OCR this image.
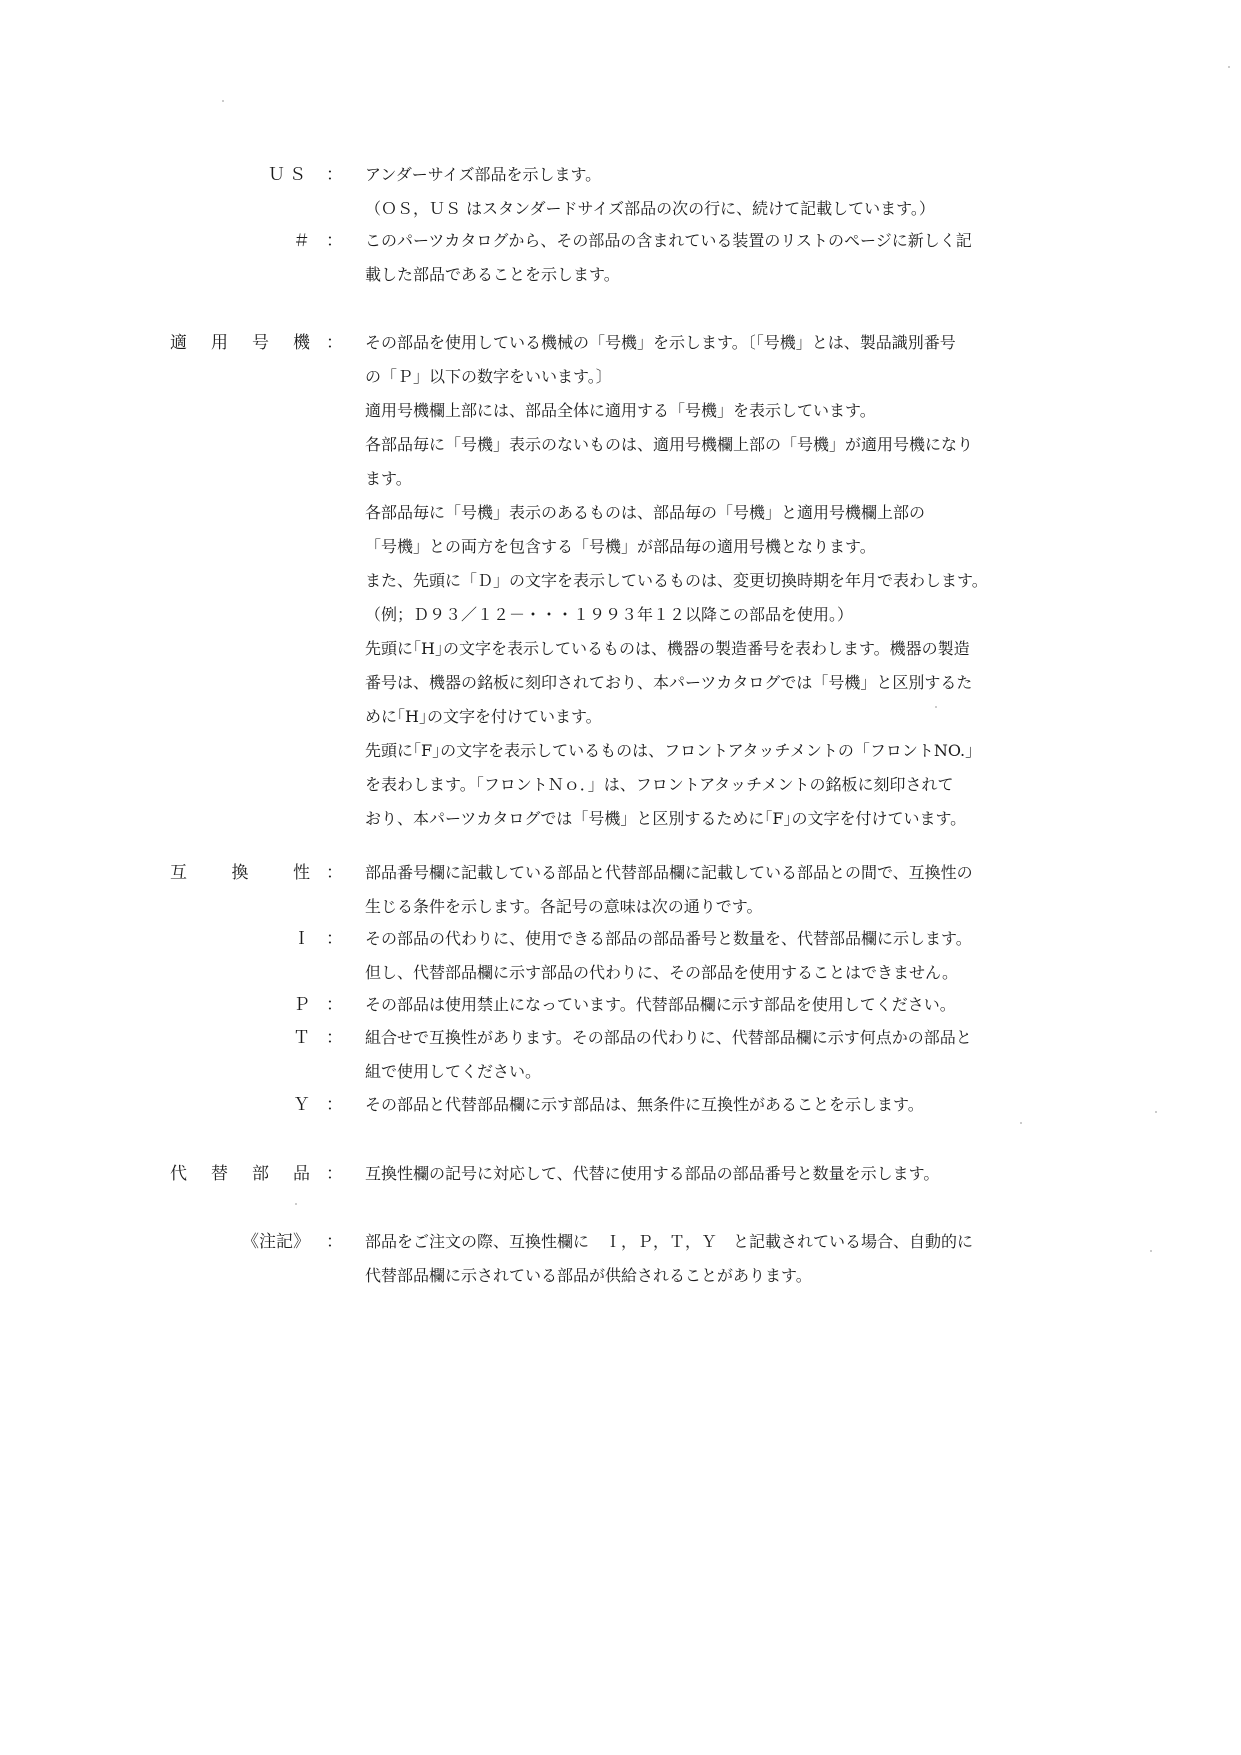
ＵＳ ： アンダーサイズ部品を示します。

（ＯＳ，ＵＳ はスタンダードサイズ部品の次の行に、続けて記載しています。）

＃ ： このパーツカタログから、その部品の含まれている装置のリストのページに新しく記

載した部品であることを示します。

適 用 号 機 ： その部品を使用している機械の「号機」を示します。〔「号機」とは、製品識別番号

の「Ｐ」以下の数字をいいます。〕

適用号機欄上部には、部品全体に適用する「号機」を表示しています。

各部品毎に「号機」表示のないものは、適用号機欄上部の「号機」が適用号機になり

ます。

各部品毎に「号機」表示のあるものは、部品毎の「号機」と適用号機欄上部の

「号機」との両方を包含する「号機」が部品毎の適用号機となります。

また、先頭に「Ｄ」の文字を表示しているものは、変更切換時期を年月で表わします。

（例；Ｄ９３／１２－・・・１９９３年１２以降この部品を使用。）

先頭に｢H｣の文字を表示しているものは、機器の製造番号を表わします。機器の製造

番号は、機器の銘板に刻印されており、本パーツカタログでは「号機」と区別するた

めに｢H｣の文字を付けています。

先頭に｢F｣の文字を表示しているものは、フロントアタッチメントの「フロントNO.」

を表わします。「フロントＮｏ．」は、フロントアタッチメントの銘板に刻印されて

おり、本パーツカタログでは「号機」と区別するために｢F｣の文字を付けています。

互	換	性 ： 部品番号欄に記載している部品と代替部品欄に記載している部品との間で、互換性の

生じる条件を示します。各記号の意味は次の通りです。

Ｉ ： その部品の代わりに、使用できる部品の部品番号と数量を、代替部品欄に示します。

但し、代替部品欄に示す部品の代わりに、その部品を使用することはできません。

Ｐ ： その部品は使用禁止になっています。代替部品欄に示す部品を使用してください。

Ｔ ： 組合せで互換性があります。その部品の代わりに、代替部品欄に示す何点かの部品と

組で使用してください。

Ｙ ： その部品と代替部品欄に示す部品は、無条件に互換性があることを示します。

代 替 部 品 ： 互換性欄の記号に対応して、代替に使用する部品の部品番号と数量を示します。

《注記》 ： 部品をご注文の際、互換性欄に　Ｉ，Ｐ，Ｔ，Ｙ　と記載されている場合、自動的に

代替部品欄に示されている部品が供給されることがあります。
